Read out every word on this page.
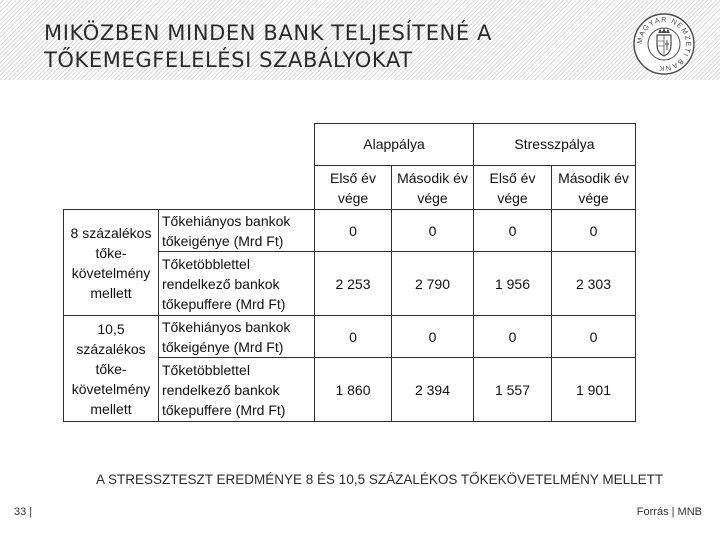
MIKÖZBEN MINDEN BANK TELJESÍTENÉ A
TŐKEMEGFELELÉSI SZABÁLYOKAT
MAGYAR NEMZETI BANK
		Alappálya		Stresszpálya	
		Első év vége	Második év vége	Első év vége	Második év vége
8 százalékos tőke-követelmény mellett	Tőkehiányos bankok tőkeigénye (Mrd Ft)	0	0	0	0
	Tőketöbblettel rendelkező bankok tőkepuffere (Mrd Ft)	2 253	2 790	1 956	2 303
10,5 százalékos tőke-követelmény mellett	Tőkehiányos bankok tőkeigénye (Mrd Ft)	0	0	0	0
	Tőketöbblettel rendelkező bankok tőkepuffere (Mrd Ft)	1 860	2 394	1 557	1 901
A STRESSZTESZT EREDMÉNYE 8 ÉS 10,5 SZÁZALÉKOS TŐKEKÖVETELMÉNY MELLETT
33 |	Forrás | MNB
